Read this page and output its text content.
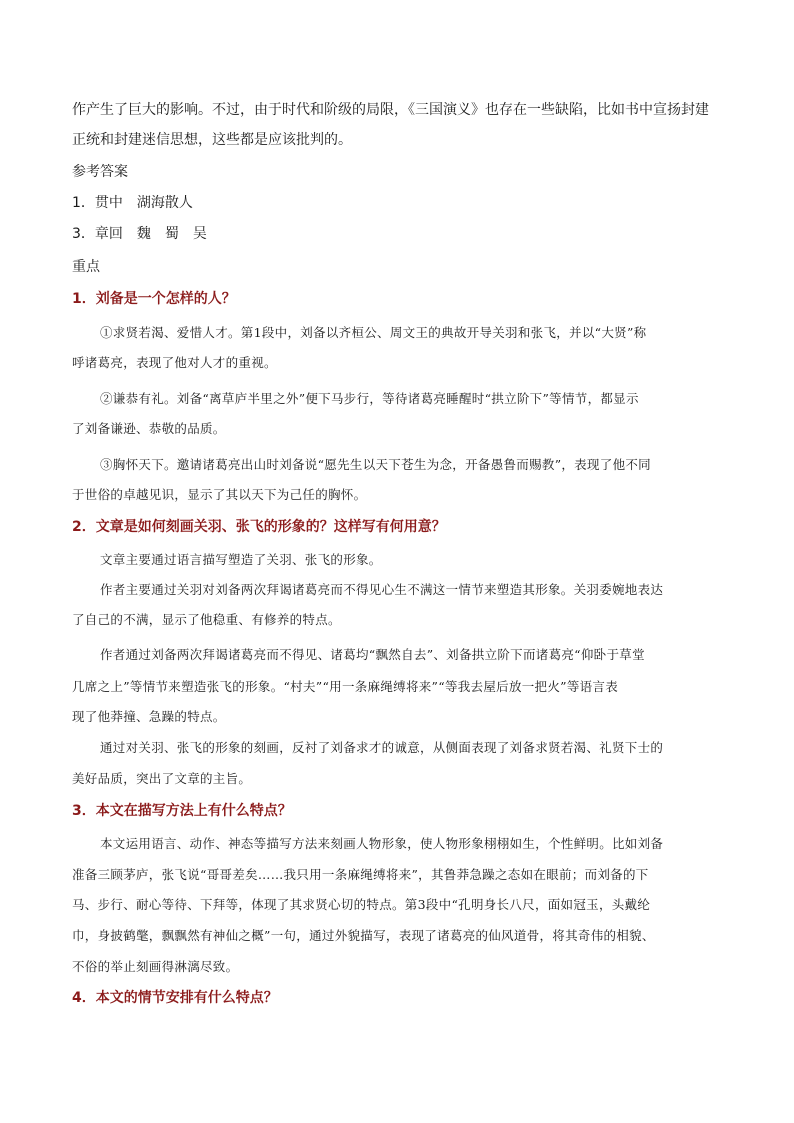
作产生了巨大的影响。不过，由于时代和阶级的局限，《三国演义》也存在一些缺陷，比如书中宣扬封建
正统和封建迷信思想，这些都是应该批判的。
参考答案
1．贯中　湖海散人
3．章回　魏　蜀　吴
重点
1．刘备是一个怎样的人？
①求贤若渴、爱惜人才。第1段中，刘备以齐桓公、周文王的典故开导关羽和张飞，并以“大贤”称
呼诸葛亮，表现了他对人才的重视。
②谦恭有礼。刘备“离草庐半里之外”便下马步行，等待诸葛亮睡醒时“拱立阶下”等情节，都显示
了刘备谦逊、恭敬的品质。
③胸怀天下。邀请诸葛亮出山时刘备说“愿先生以天下苍生为念，开备愚鲁而赐教”，表现了他不同
于世俗的卓越见识，显示了其以天下为己任的胸怀。
2．文章是如何刻画关羽、张飞的形象的？这样写有何用意？
文章主要通过语言描写塑造了关羽、张飞的形象。
作者主要通过关羽对刘备两次拜谒诸葛亮而不得见心生不满这一情节来塑造其形象。关羽委婉地表达
了自己的不满，显示了他稳重、有修养的特点。
作者通过刘备两次拜谒诸葛亮而不得见、诸葛均“飘然自去”、刘备拱立阶下而诸葛亮“仰卧于草堂
几席之上”等情节来塑造张飞的形象。“村夫”“用一条麻绳缚将来”“等我去屋后放一把火”等语言表
现了他莽撞、急躁的特点。
通过对关羽、张飞的形象的刻画，反衬了刘备求才的诚意，从侧面表现了刘备求贤若渴、礼贤下士的
美好品质，突出了文章的主旨。
3．本文在描写方法上有什么特点？
本文运用语言、动作、神态等描写方法来刻画人物形象，使人物形象栩栩如生，个性鲜明。比如刘备
准备三顾茅庐，张飞说“哥哥差矣……我只用一条麻绳缚将来”，其鲁莽急躁之态如在眼前；而刘备的下
马、步行、耐心等待、下拜等，体现了其求贤心切的特点。第3段中“孔明身长八尺，面如冠玉，头戴纶
巾，身披鹤氅，飘飘然有神仙之概”一句，通过外貌描写，表现了诸葛亮的仙风道骨，将其奇伟的相貌、
不俗的举止刻画得淋漓尽致。
4．本文的情节安排有什么特点？
